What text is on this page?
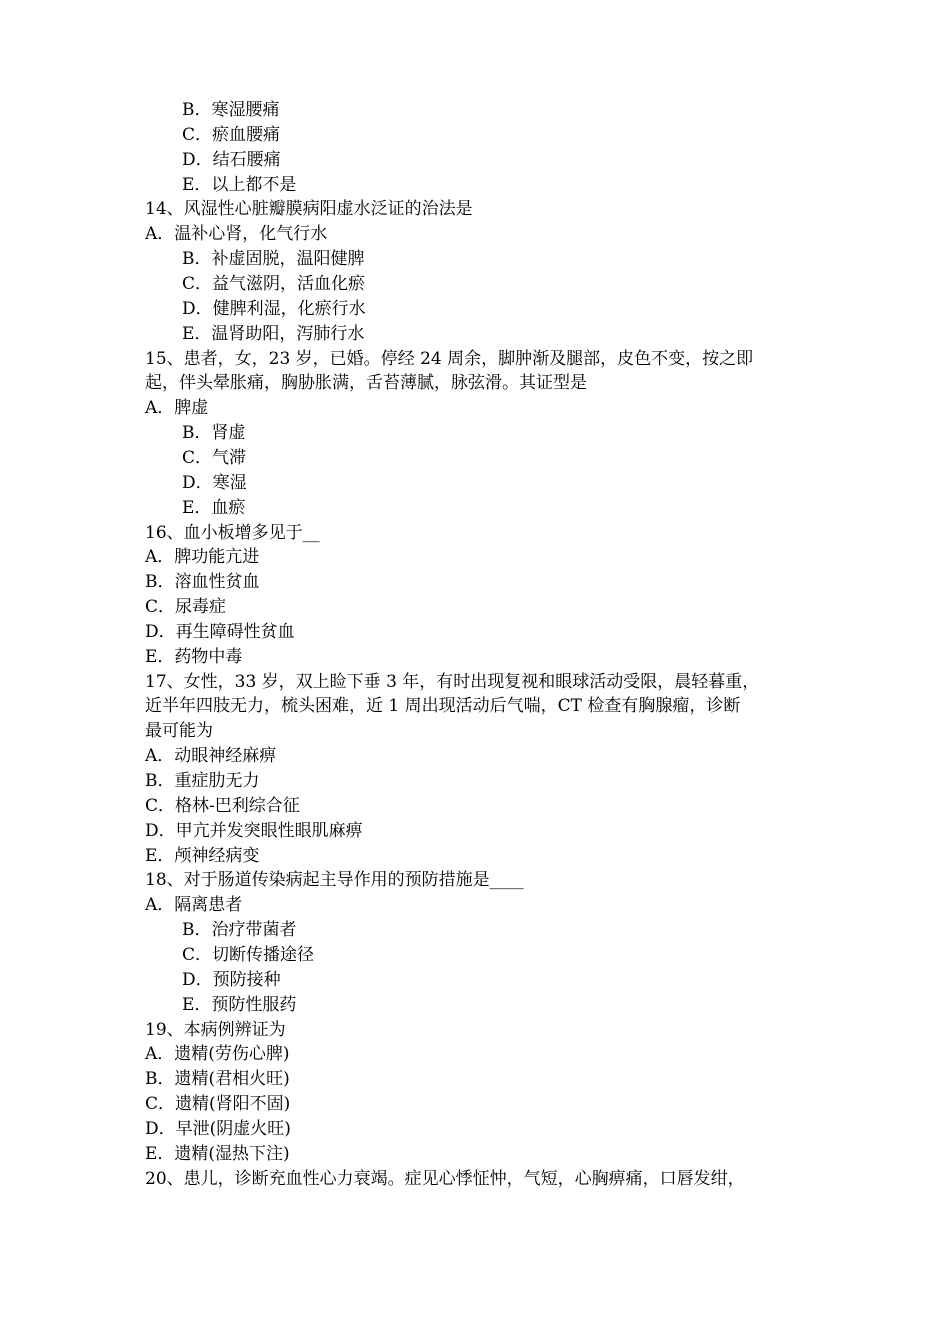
B．寒湿腰痛
C．瘀血腰痛
D．结石腰痛
E．以上都不是
14、风湿性心脏瓣膜病阳虚水泛证的治法是
A．温补心肾，化气行水
B．补虚固脱，温阳健脾
C．益气滋阴，活血化瘀
D．健脾利湿，化瘀行水
E．温肾助阳，泻肺行水
15、患者，女，23 岁，已婚。停经 24 周余，脚肿渐及腿部，皮色不变，按之即
起，伴头晕胀痛，胸胁胀满，舌苔薄腻，脉弦滑。其证型是
A．脾虚
B．肾虚
C．气滞
D．寒湿
E．血瘀
16、血小板增多见于__
A．脾功能亢进
B．溶血性贫血
C．尿毒症
D．再生障碍性贫血
E．药物中毒
17、女性，33 岁，双上睑下垂 3 年，有时出现复视和眼球活动受限，晨轻暮重，
近半年四肢无力，梳头困难，近 1 周出现活动后气喘，CT 检查有胸腺瘤，诊断
最可能为
A．动眼神经麻痹
B．重症肋无力
C．格林-巴利综合征
D．甲亢并发突眼性眼肌麻痹
E．颅神经病变
18、对于肠道传染病起主导作用的预防措施是____
A．隔离患者
B．治疗带菌者
C．切断传播途径
D．预防接种
E．预防性服药
19、本病例辨证为
A．遗精(劳伤心脾)
B．遗精(君相火旺)
C．遗精(肾阳不固)
D．早泄(阴虚火旺)
E．遗精(湿热下注)
20、患儿，诊断充血性心力衰竭。症见心悸怔忡，气短，心胸痹痛，口唇发绀，
